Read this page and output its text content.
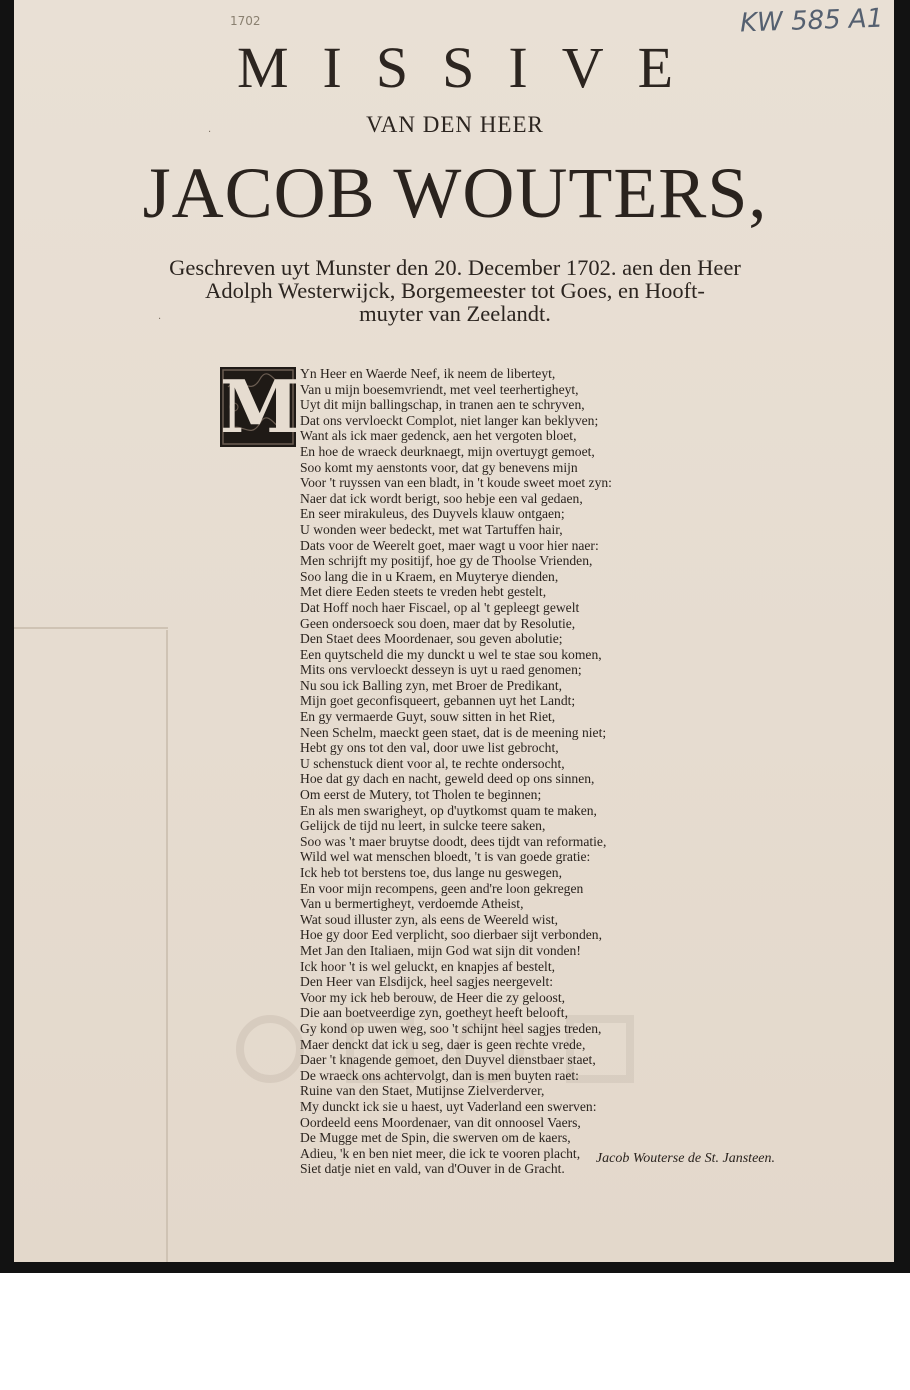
1702	KW 585 A1
·
·
MISSIVE
VAN DEN HEER
JACOB WOUTERS,
Geschreven uyt Munster den 20. December 1702. aen den Heer
Adolph Westerwijck, Borgemeester tot Goes, en Hooft-
muyter van Zeelandt.
M Yn Heer en Waerde Neef, ik neem de liberteyt,
Van u mijn boesemvriendt, met veel teerhertigheyt,
Uyt dit mijn ballingschap, in tranen aen te schryven,
Dat ons vervloeckt Complot, niet langer kan beklyven;
Want als ick maer gedenck, aen het vergoten bloet,
En hoe de wraeck deurknaegt, mijn overtuygt gemoet,
Soo komt my aenstonts voor, dat gy benevens mijn
Voor 't ruyssen van een bladt, in 't koude sweet moet zyn:
Naer dat ick wordt berigt, soo hebje een val gedaen,
En seer mirakuleus, des Duyvels klauw ontgaen;
U wonden weer bedeckt, met wat Tartuffen hair,
Dats voor de Weerelt goet, maer wagt u voor hier naer:
Men schrijft my positijf, hoe gy de Thoolse Vrienden,
Soo lang die in u Kraem, en Muyterye dienden,
Met diere Eeden steets te vreden hebt gestelt,
Dat Hoff noch haer Fiscael, op al 't gepleegt gewelt
Geen ondersoeck sou doen, maer dat by Resolutie,
Den Staet dees Moordenaer, sou geven abolutie;
Een quytscheld die my dunckt u wel te stae sou komen,
Mits ons vervloeckt desseyn is uyt u raed genomen;
Nu sou ick Balling zyn, met Broer de Predikant,
Mijn goet geconfisqueert, gebannen uyt het Landt;
En gy vermaerde Guyt, souw sitten in het Riet,
Neen Schelm, maeckt geen staet, dat is de meening niet;
Hebt gy ons tot den val, door uwe list gebrocht,
U schenstuck dient voor al, te rechte ondersocht,
Hoe dat gy dach en nacht, geweld deed op ons sinnen,
Om eerst de Mutery, tot Tholen te beginnen;
En als men swarigheyt, op d'uytkomst quam te maken,
Gelijck de tijd nu leert, in sulcke teere saken,
Soo was 't maer bruytse doodt, dees tijdt van reformatie,
Wild wel wat menschen bloedt, 't is van goede gratie:
Ick heb tot berstens toe, dus lange nu geswegen,
En voor mijn recompens, geen and're loon gekregen
Van u bermertigheyt, verdoemde Atheist,
Wat soud illuster zyn, als eens de Weereld wist,
Hoe gy door Eed verplicht, soo dierbaer sijt verbonden,
Met Jan den Italiaen, mijn God wat sijn dit vonden!
Ick hoor 't is wel geluckt, en knapjes af bestelt,
Den Heer van Elsdijck, heel sagjes neergevelt:
Voor my ick heb berouw, de Heer die zy geloost,
Die aan boetveerdige zyn, goetheyt heeft belooft,
Gy kond op uwen weg, soo 't schijnt heel sagjes treden,
Maer denckt dat ick u seg, daer is geen rechte vrede,
Daer 't knagende gemoet, den Duyvel dienstbaer staet,
De wraeck ons achtervolgt, dan is men buyten raet:
Ruine van den Staet, Mutijnse Zielverderver,
My dunckt ick sie u haest, uyt Vaderland een swerven:
Oordeeld eens Moordenaer, van dit onnoosel Vaers,
De Mugge met de Spin, die swerven om de kaers,
Adieu, 'k en ben niet meer, die ick te vooren placht,
Siet datje niet en vald, van d'Ouver in de Gracht.
Jacob Wouterse de St. Jansteen.
